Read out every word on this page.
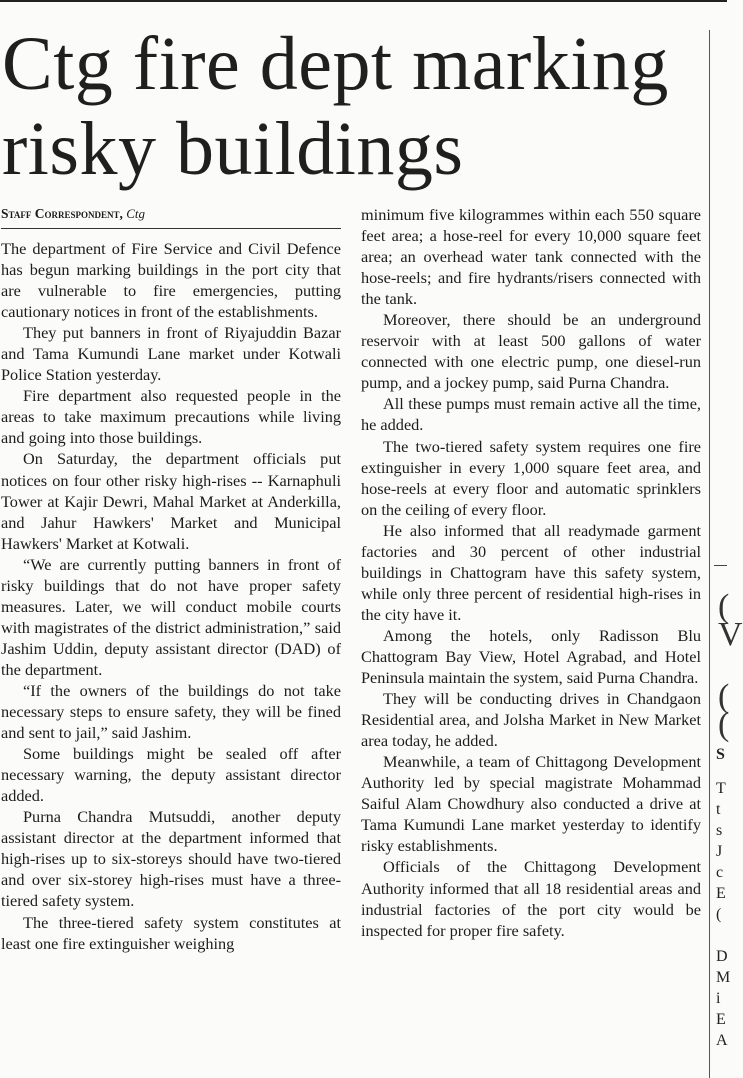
Ctg fire dept marking risky buildings
Staff Correspondent, Ctg

The department of Fire Service and Civil Defence has begun marking buildings in the port city that are vulnerable to fire emergencies, putting cautionary notices in front of the establishments.

They put banners in front of Riyajuddin Bazar and Tama Kumundi Lane market under Kotwali Police Station yesterday.

Fire department also requested people in the areas to take maximum precautions while living and going into those buildings.

On Saturday, the department officials put notices on four other risky high-rises -- Karnaphuli Tower at Kajir Dewri, Mahal Market at Anderkilla, and Jahur Hawkers' Market and Municipal Hawkers' Market at Kotwali.

“We are currently putting banners in front of risky buildings that do not have proper safety measures. Later, we will conduct mobile courts with magistrates of the district administration,” said Jashim Uddin, deputy assistant director (DAD) of the department.

“If the owners of the buildings do not take necessary steps to ensure safety, they will be fined and sent to jail,” said Jashim.

Some buildings might be sealed off after necessary warning, the deputy assistant director added.

Purna Chandra Mutsuddi, another deputy assistant director at the department informed that high-rises up to six-storeys should have two-tiered and over six-storey high-rises must have a three-tiered safety system.

The three-tiered safety system constitutes at least one fire extinguisher weighing

minimum five kilogrammes within each 550 square feet area; a hose-reel for every 10,000 square feet area; an overhead water tank connected with the hose-reels; and fire hydrants/risers connected with the tank.

Moreover, there should be an underground reservoir with at least 500 gallons of water connected with one electric pump, one diesel-run pump, and a jockey pump, said Purna Chandra.

All these pumps must remain active all the time, he added.

The two-tiered safety system requires one fire extinguisher in every 1,000 square feet area, and hose-reels at every floor and automatic sprinklers on the ceiling of every floor.

He also informed that all readymade garment factories and 30 percent of other industrial buildings in Chattogram have this safety system, while only three percent of residential high-rises in the city have it.

Among the hotels, only Radisson Blu Chattogram Bay View, Hotel Agrabad, and Hotel Peninsula maintain the system, said Purna Chandra.

They will be conducting drives in Chandgaon Residential area, and Jolsha Market in New Market area today, he added.

Meanwhile, a team of Chittagong Development Authority led by special magistrate Mohammad Saiful Alam Chowdhury also conducted a drive at Tama Kumundi Lane market yesterday to identify risky establishments.

Officials of the Chittagong Development Authority informed that all 18 residential areas and industrial factories of the port city would be inspected for proper fire safety.

(
V
(
(
S
T
t
s
J
c
E
(
D
M
i
E
A
